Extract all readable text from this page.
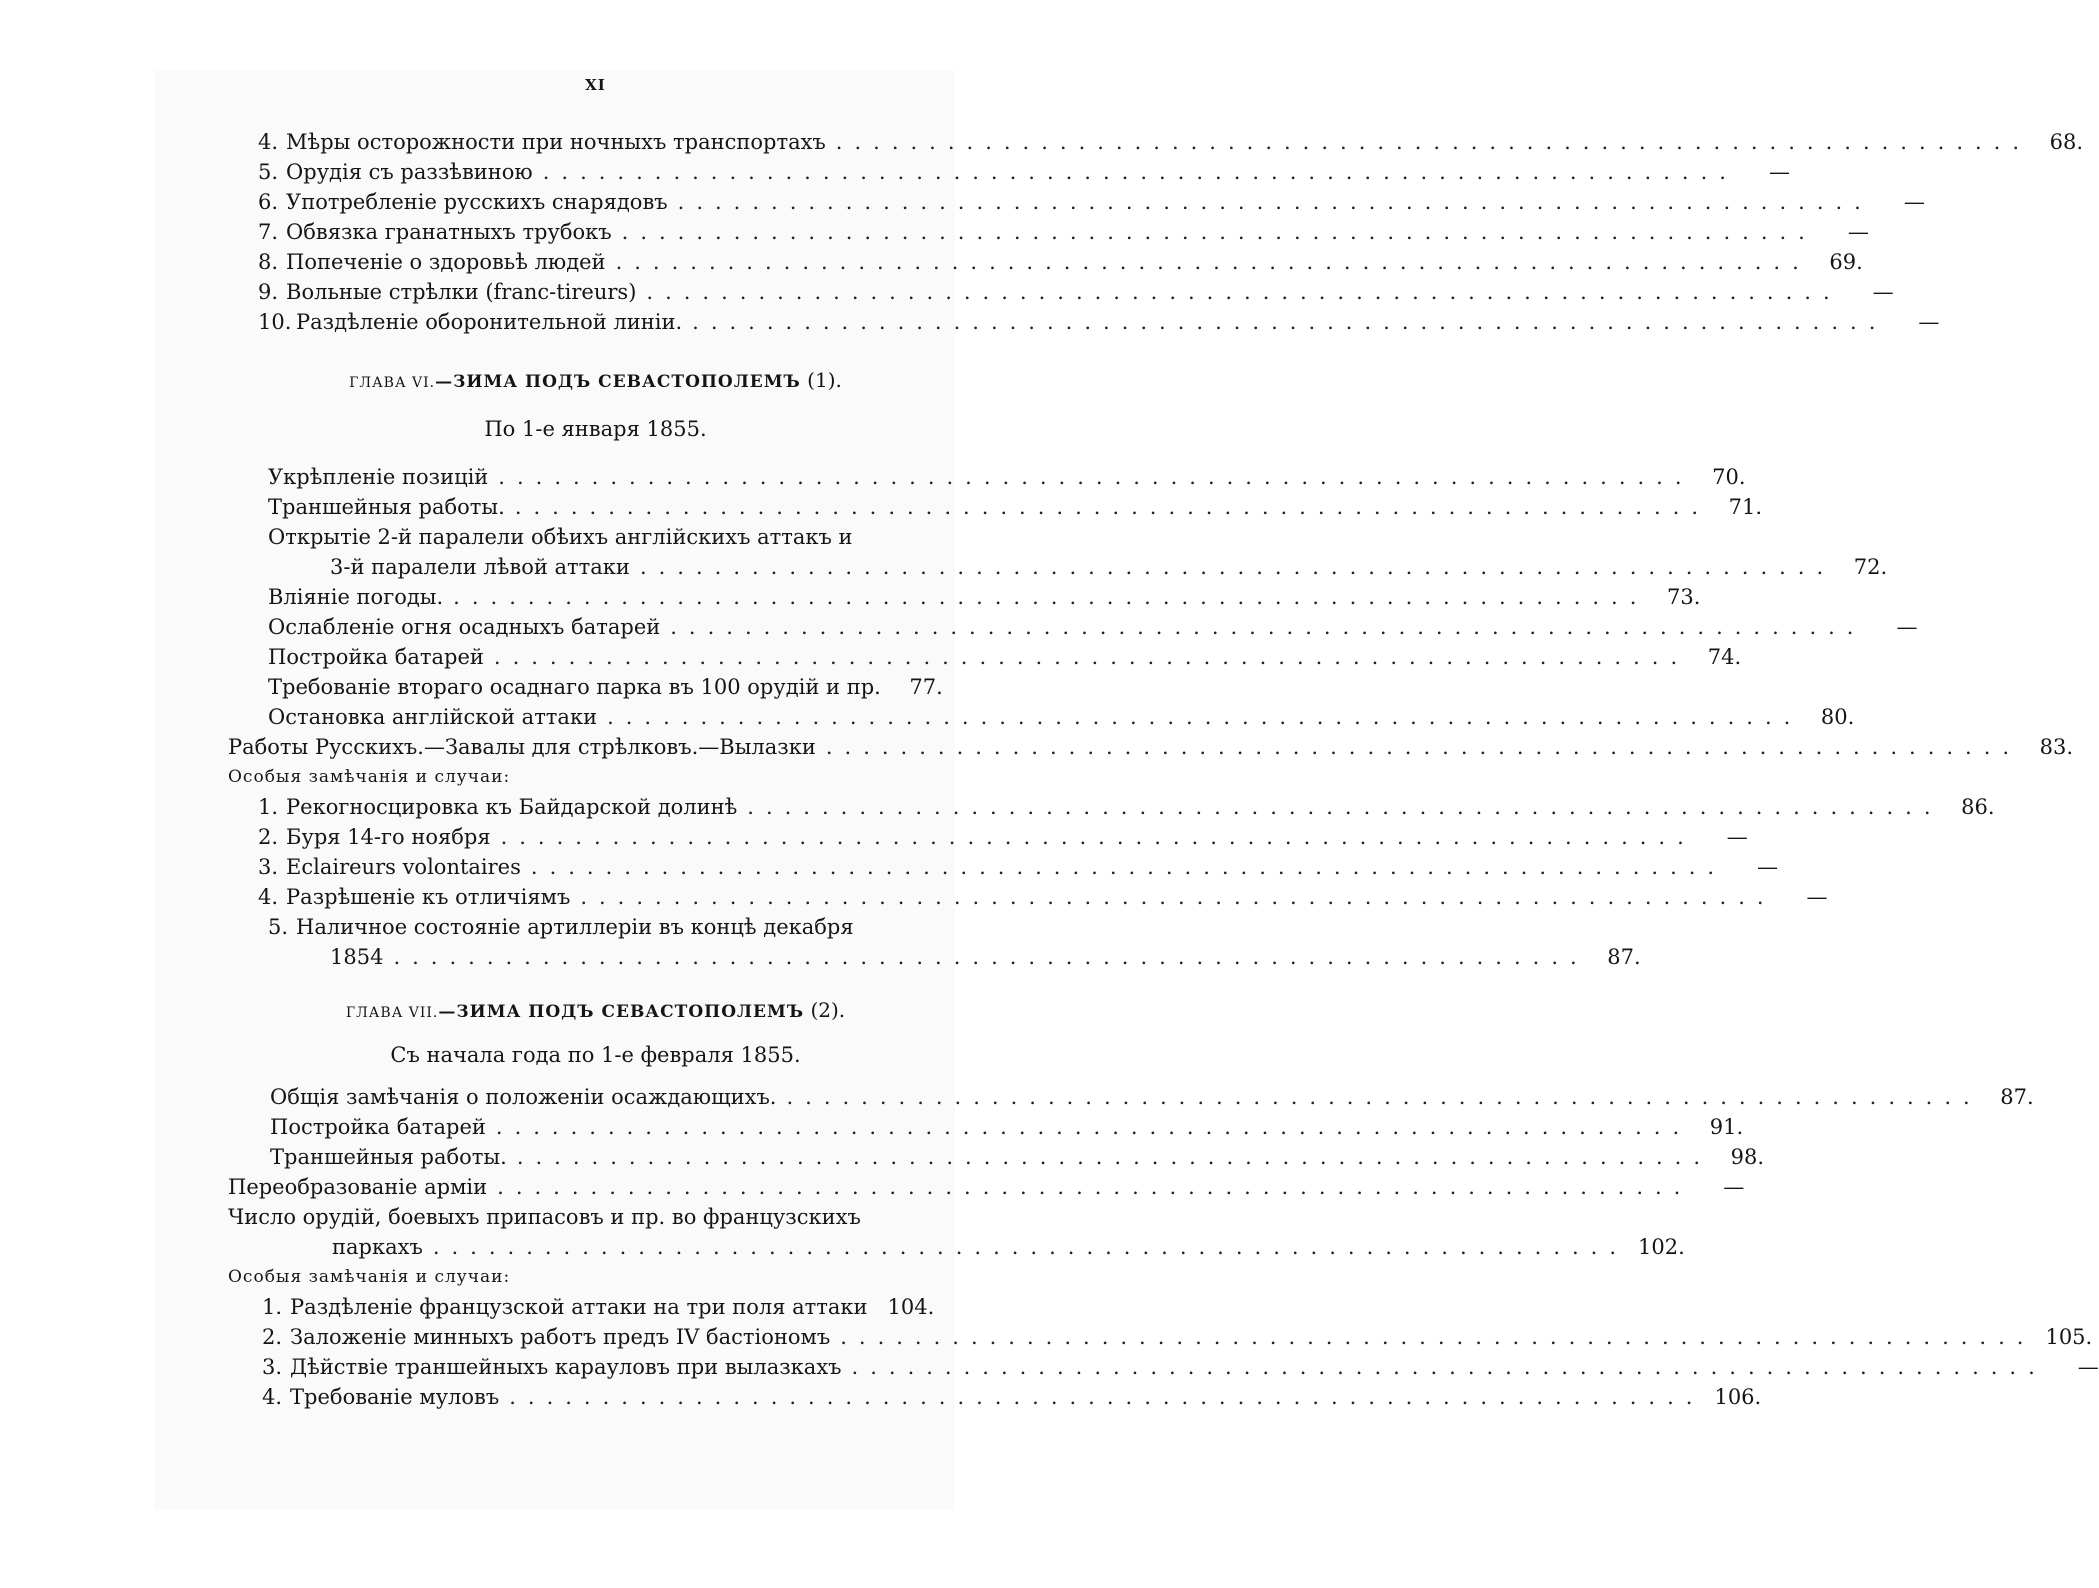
XI
4. Мѣры осторожности при ночныхъ транспортахъ ................................................................ 68.
5. Орудія съ раззѣвиною ................................................................	—
6. Употребленіе русскихъ снарядовъ ................................................................	—
7. Обвязка гранатныхъ трубокъ ................................................................	—
8. Попеченіе о здоровьѣ людей ................................................................ 69.
9. Вольные стрѣлки (franc-tireurs) ................................................................	—
10. Раздѣленіе оборонительной линіи. ................................................................	—
ГЛАВА VI.—ЗИМА ПОДЪ СЕВАСТОПОЛЕМЪ (1).
По 1-е января 1855.
Укрѣпленіе позицій ................................................................ 70.
Траншейныя работы. ................................................................ 71.
Открытіе 2-й паралели обѣихъ англійскихъ аттакъ и
3-й паралели лѣвой аттаки ................................................................ 72.
Вліяніе погоды. ................................................................ 73.
Ослабленіе огня осадныхъ батарей ................................................................	—
Постройка батарей ................................................................ 74.
Требованіе втораго осаднаго парка въ 100 орудій и пр.	77.
Остановка англійской аттаки ................................................................ 80.
Работы Русскихъ.—Завалы для стрѣлковъ.—Вылазки ................................................................ 83.
Особыя замѣчанія и случаи:
1. Рекогносцировка къ Байдарской долинѣ ................................................................ 86.
2. Буря 14-го ноября ................................................................	—
3. Eclaireurs volontaires ................................................................	—
4. Разрѣшеніе къ отличіямъ ................................................................	—
5. Наличное состояніе артиллеріи въ концѣ декабря
1854 ................................................................ 87.
ГЛАВА VII.—ЗИМА ПОДЪ СЕВАСТОПОЛЕМЪ (2).
Съ начала года по 1-е февраля 1855.
Общія замѣчанія о положеніи осаждающихъ. ................................................................ 87.
Постройка батарей ................................................................ 91.
Траншейныя работы. ................................................................ 98.
Переобразованіе арміи ................................................................	—
Число орудій, боевыхъ припасовъ и пр. во французскихъ
паркахъ ................................................................ 102.
Особыя замѣчанія и случаи:
1. Раздѣленіе французской аттаки на три поля аттаки 104.
2. Заложеніе минныхъ работъ предъ IV бастіономъ ................................................................ 105.
3. Дѣйствіе траншейныхъ карауловъ при вылазкахъ ................................................................	—
4. Требованіе муловъ ................................................................ 106.
